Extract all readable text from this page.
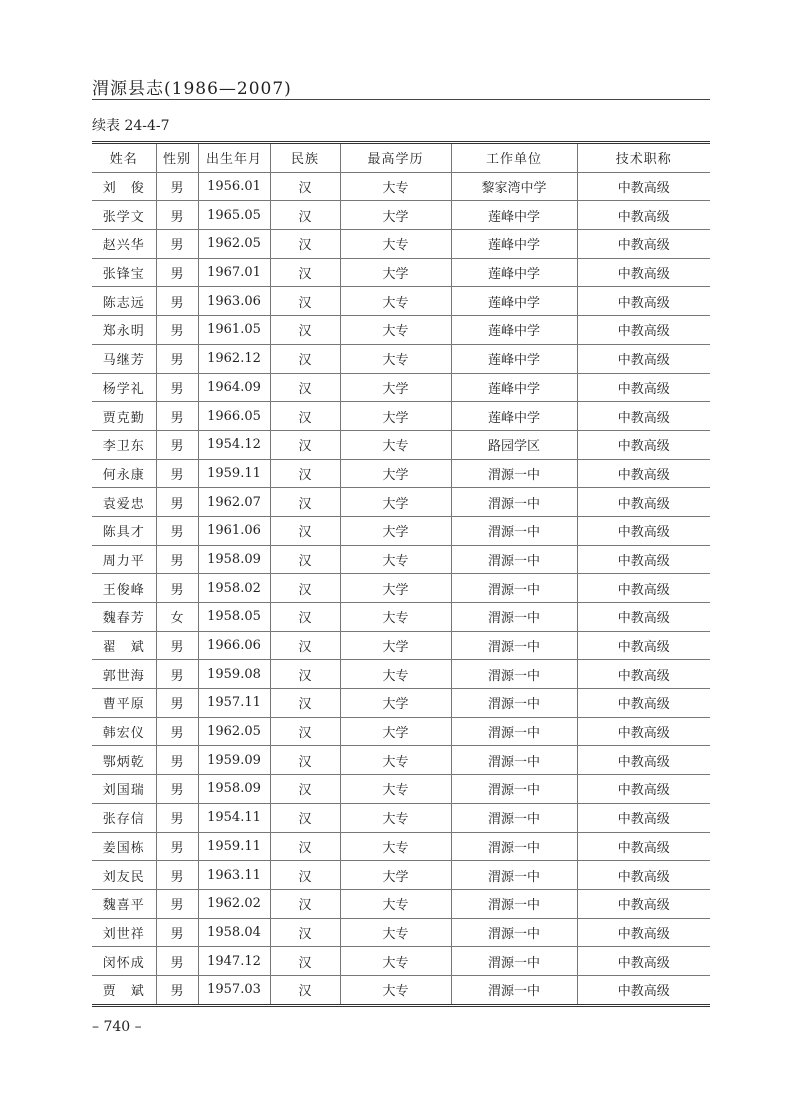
渭源县志(1986—2007)
续表 24-4-7
姓名	性别	出生年月	民族	最高学历	工作单位	技术职称
刘　俊	男	1956.01	汉	大专	黎家湾中学	中教高级
张学文	男	1965.05	汉	大学	莲峰中学	中教高级
赵兴华	男	1962.05	汉	大专	莲峰中学	中教高级
张锋宝	男	1967.01	汉	大学	莲峰中学	中教高级
陈志远	男	1963.06	汉	大专	莲峰中学	中教高级
郑永明	男	1961.05	汉	大专	莲峰中学	中教高级
马继芳	男	1962.12	汉	大专	莲峰中学	中教高级
杨学礼	男	1964.09	汉	大学	莲峰中学	中教高级
贾克勤	男	1966.05	汉	大学	莲峰中学	中教高级
李卫东	男	1954.12	汉	大专	路园学区	中教高级
何永康	男	1959.11	汉	大学	渭源一中	中教高级
袁爱忠	男	1962.07	汉	大学	渭源一中	中教高级
陈具才	男	1961.06	汉	大学	渭源一中	中教高级
周力平	男	1958.09	汉	大专	渭源一中	中教高级
王俊峰	男	1958.02	汉	大学	渭源一中	中教高级
魏春芳	女	1958.05	汉	大专	渭源一中	中教高级
翟　斌	男	1966.06	汉	大学	渭源一中	中教高级
郭世海	男	1959.08	汉	大专	渭源一中	中教高级
曹平原	男	1957.11	汉	大学	渭源一中	中教高级
韩宏仪	男	1962.05	汉	大学	渭源一中	中教高级
鄂炳乾	男	1959.09	汉	大专	渭源一中	中教高级
刘国瑞	男	1958.09	汉	大专	渭源一中	中教高级
张存信	男	1954.11	汉	大专	渭源一中	中教高级
姜国栋	男	1959.11	汉	大专	渭源一中	中教高级
刘友民	男	1963.11	汉	大学	渭源一中	中教高级
魏喜平	男	1962.02	汉	大专	渭源一中	中教高级
刘世祥	男	1958.04	汉	大专	渭源一中	中教高级
闵怀成	男	1947.12	汉	大专	渭源一中	中教高级
贾　斌	男	1957.03	汉	大专	渭源一中	中教高级
– 740 –
